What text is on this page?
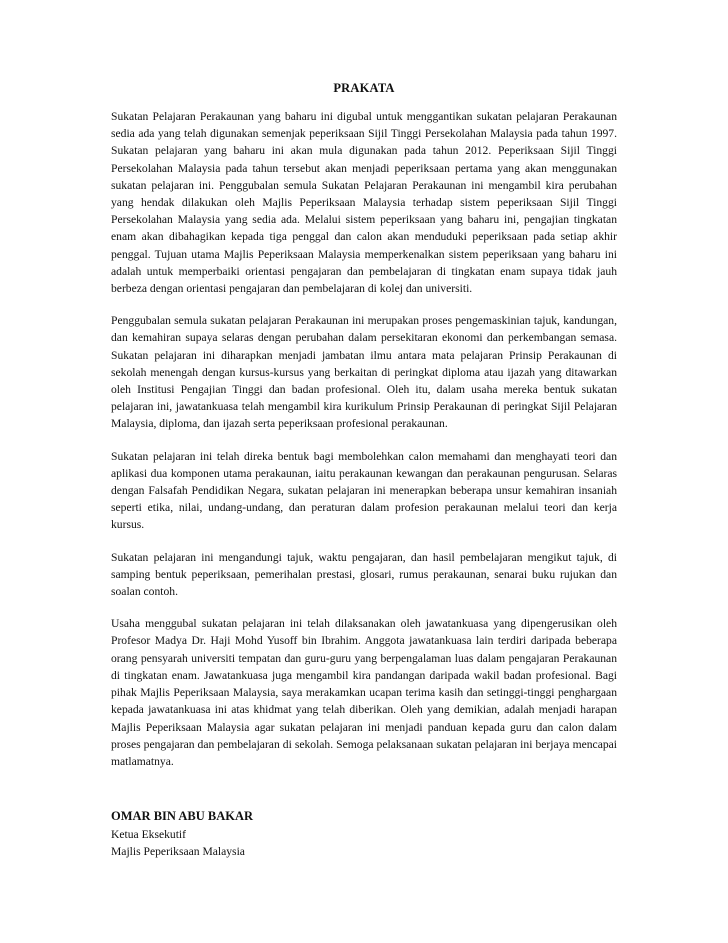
PRAKATA

Sukatan Pelajaran Perakaunan yang baharu ini digubal untuk menggantikan sukatan pelajaran Perakaunan sedia ada yang telah digunakan semenjak peperiksaan Sijil Tinggi Persekolahan Malaysia pada tahun 1997. Sukatan pelajaran yang baharu ini akan mula digunakan pada tahun 2012. Peperiksaan Sijil Tinggi Persekolahan Malaysia pada tahun tersebut akan menjadi peperiksaan pertama yang akan menggunakan sukatan pelajaran ini. Penggubalan semula Sukatan Pelajaran Perakaunan ini mengambil kira perubahan yang hendak dilakukan oleh Majlis Peperiksaan Malaysia terhadap sistem peperiksaan Sijil Tinggi Persekolahan Malaysia yang sedia ada. Melalui sistem peperiksaan yang baharu ini, pengajian tingkatan enam akan dibahagikan kepada tiga penggal dan calon akan menduduki peperiksaan pada setiap akhir penggal. Tujuan utama Majlis Peperiksaan Malaysia memperkenalkan sistem peperiksaan yang baharu ini adalah untuk memperbaiki orientasi pengajaran dan pembelajaran di tingkatan enam supaya tidak jauh berbeza dengan orientasi pengajaran dan pembelajaran di kolej dan universiti.

Penggubalan semula sukatan pelajaran Perakaunan ini merupakan proses pengemaskinian tajuk, kandungan, dan kemahiran supaya selaras dengan perubahan dalam persekitaran ekonomi dan perkembangan semasa. Sukatan pelajaran ini diharapkan menjadi jambatan ilmu antara mata pelajaran Prinsip Perakaunan di sekolah menengah dengan kursus-kursus yang berkaitan di peringkat diploma atau ijazah yang ditawarkan oleh Institusi Pengajian Tinggi dan badan profesional. Oleh itu, dalam usaha mereka bentuk sukatan pelajaran ini, jawatankuasa telah mengambil kira kurikulum Prinsip Perakaunan di peringkat Sijil Pelajaran Malaysia, diploma, dan ijazah serta peperiksaan profesional perakaunan.

Sukatan pelajaran ini telah direka bentuk bagi membolehkan calon memahami dan menghayati teori dan aplikasi dua komponen utama perakaunan, iaitu perakaunan kewangan dan perakaunan pengurusan. Selaras dengan Falsafah Pendidikan Negara, sukatan pelajaran ini menerapkan beberapa unsur kemahiran insaniah seperti etika, nilai, undang-undang, dan peraturan dalam profesion perakaunan melalui teori dan kerja kursus.

Sukatan pelajaran ini mengandungi tajuk, waktu pengajaran, dan hasil pembelajaran mengikut tajuk, di samping bentuk peperiksaan, pemerihalan prestasi, glosari, rumus perakaunan, senarai buku rujukan dan soalan contoh.

Usaha menggubal sukatan pelajaran ini telah dilaksanakan oleh jawatankuasa yang dipengerusikan oleh Profesor Madya Dr. Haji Mohd Yusoff bin Ibrahim. Anggota jawatankuasa lain terdiri daripada beberapa orang pensyarah universiti tempatan dan guru-guru yang berpengalaman luas dalam pengajaran Perakaunan di tingkatan enam. Jawatankuasa juga mengambil kira pandangan daripada wakil badan profesional. Bagi pihak Majlis Peperiksaan Malaysia, saya merakamkan ucapan terima kasih dan setinggi-tinggi penghargaan kepada jawatankuasa ini atas khidmat yang telah diberikan. Oleh yang demikian, adalah menjadi harapan Majlis Peperiksaan Malaysia agar sukatan pelajaran ini menjadi panduan kepada guru dan calon dalam proses pengajaran dan pembelajaran di sekolah. Semoga pelaksanaan sukatan pelajaran ini berjaya mencapai matlamatnya.

OMAR BIN ABU BAKAR
Ketua Eksekutif
Majlis Peperiksaan Malaysia
